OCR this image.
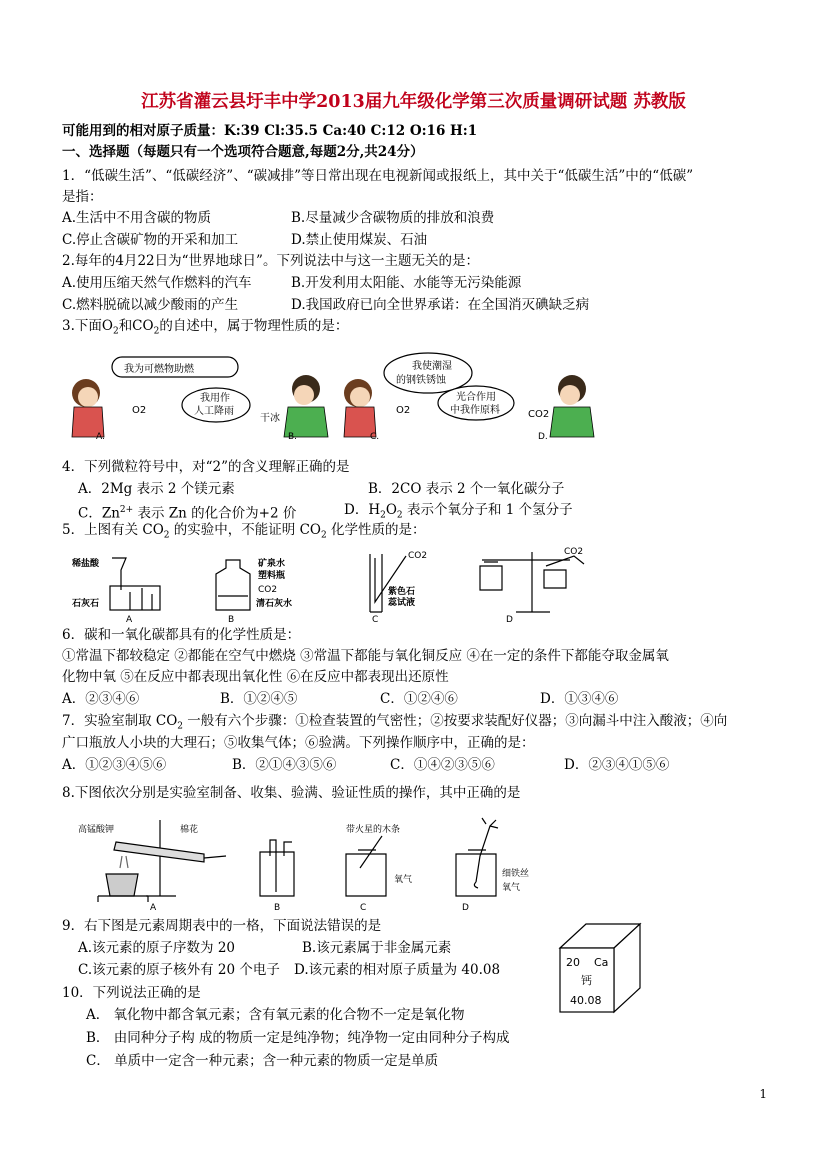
江苏省灌云县圩丰中学2013届九年级化学第三次质量调研试题 苏教版
可能用到的相对原子质量：K:39 Cl:35.5 Ca:40 C:12 O:16 H:1
一、选择题（每题只有一个选项符合题意,每题2分,共24分）
1．“低碳生活”、“低碳经济”、“碳减排”等日常出现在电视新闻或报纸上，其中关于“低碳生活”中的“低碳”
是指：
A.生活中不用含碳的物质	B.尽量减少含碳物质的排放和浪费
C.停止含碳矿物的开采和加工	D.禁止使用煤炭、石油
2.每年的4月22日为“世界地球日”。下列说法中与这一主题无关的是：
A.使用压缩天然气作燃料的汽车	B.开发利用太阳能、水能等无污染能源
C.燃料脱硫以减少酸雨的产生	D.我国政府已向全世界承诺：在全国消灭碘缺乏病
3.下面$O_2$和$CO_2$的自述中，属于物理性质的是：
我为可燃物助燃
O2
A.
我用作
人工降雨
干冰
B.
我使潮湿
的钢铁锈蚀
O2
C.
光合作用
中我作原料	CO2
D.
4．下列微粒符号中，对“2”的含义理解正确的是
A．2Mg 表示 2 个镁元素	B．2CO 表示 2 个一氧化碳分子
C．$Zn^{2+}$ 表示 Zn 的化合价为+2 价	D．$H_2O_2$ 表示个氧分子和 1 个氢分子
5．上图有关 $CO_2$ 的实验中，不能证明 $CO_2$ 化学性质的是：
稀盐酸
石灰石
A
矿泉水
塑料瓶
CO2
清石灰水
B
CO2
紫色石
蕊试液
C
CO2
D
6．碳和一氧化碳都具有的化学性质是：
①常温下都较稳定 ②都能在空气中燃烧 ③常温下都能与氧化铜反应 ④在一定的条件下都能夺取金属氧
化物中氧 ⑤在反应中都表现出氧化性 ⑥在反应中都表现出还原性
A．②③④⑥	B．①②④⑤	C．①②④⑥	D．①③④⑥
7．实验室制取 $CO_2$ 一般有六个步骤：①检查装置的气密性；②按要求装配好仪器；③向漏斗中注入酸液；④向
广口瓶放人小块的大理石；⑤收集气体；⑥验满。下列操作顺序中，正确的是：
A．①②③④⑤⑥	B．②①④③⑤⑥	C．①④②③⑤⑥	D．②③④①⑤⑥
8.下图依次分别是实验室制备、收集、验满、验证性质的操作，其中正确的是
高锰酸钾	棉花
A	B
带火星的木条
氧气
C
细铁丝
氧气
D
9．右下图是元素周期表中的一格，下面说法错误的是
A.该元素的原子序数为 20	B.该元素属于非金属元素
C.该元素的原子核外有 20 个电子 D.该元素的相对原子质量为 40.08	20 Ca
钙
40.08
10．下列说法正确的是
A． 氧化物中都含氧元素；含有氧元素的化合物不一定是氧化物
B． 由同种分子构 成的物质一定是纯净物；纯净物一定由同种分子构成
C． 单质中一定含一种元素；含一种元素的物质一定是单质
1
